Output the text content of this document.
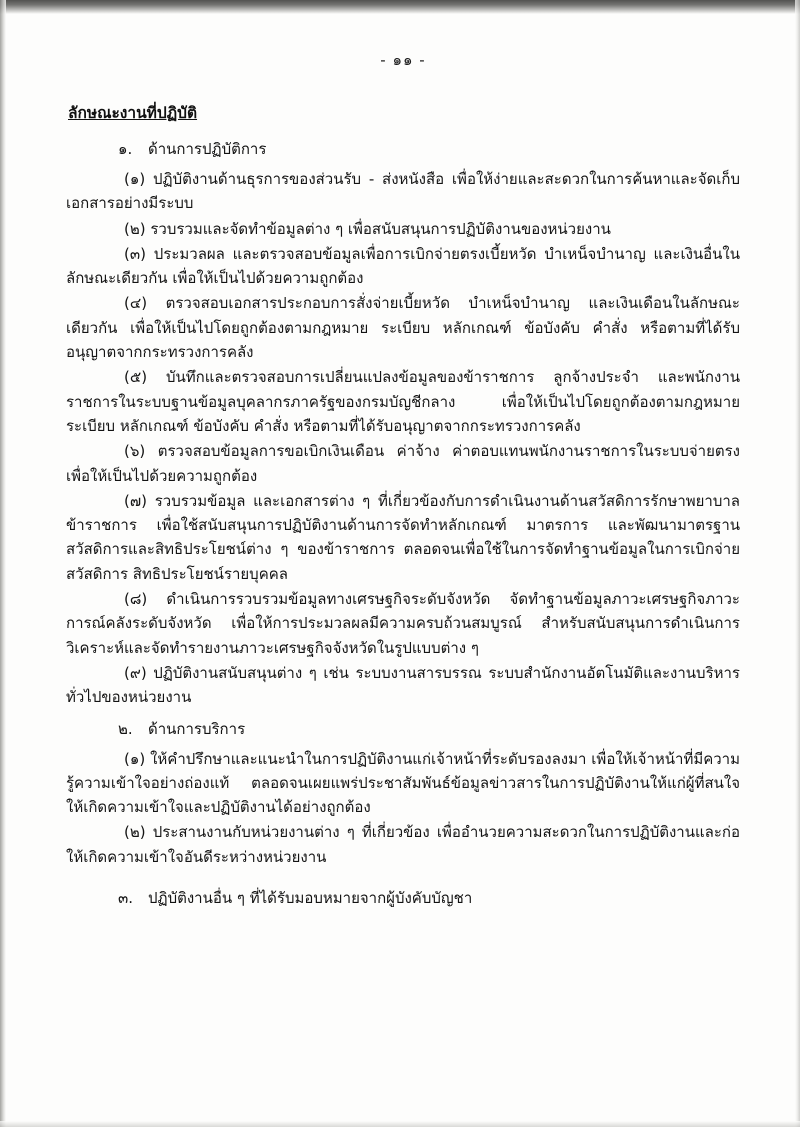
- ๑๑ -
ลักษณะงานที่ปฏิบัติ
๑.	ด้านการปฏิบัติการ

(๑) ปฏิบัติงานด้านธุรการของส่วนรับ - ส่งหนังสือ เพื่อให้ง่ายและสะดวกในการค้นหาและจัดเก็บเอกสารอย่างมีระบบ

(๒) รวบรวมและจัดทำข้อมูลต่าง ๆ เพื่อสนับสนุนการปฏิบัติงานของหน่วยงาน

(๓) ประมวลผล และตรวจสอบข้อมูลเพื่อการเบิกจ่ายตรงเบี้ยหวัด บำเหน็จบำนาญ และเงินอื่นในลักษณะเดียวกัน เพื่อให้เป็นไปด้วยความถูกต้อง

(๔) ตรวจสอบเอกสารประกอบการสั่งจ่ายเบี้ยหวัด บำเหน็จบำนาญ และเงินเดือนในลักษณะเดียวกัน เพื่อให้เป็นไปโดยถูกต้องตามกฎหมาย ระเบียบ หลักเกณฑ์ ข้อบังคับ คำสั่ง หรือตามที่ได้รับอนุญาตจากกระทรวงการคลัง

(๕) บันทึกและตรวจสอบการเปลี่ยนแปลงข้อมูลของข้าราชการ ลูกจ้างประจำ และพนักงานราชการในระบบฐานข้อมูลบุคลากรภาครัฐของกรมบัญชีกลาง เพื่อให้เป็นไปโดยถูกต้องตามกฎหมาย ระเบียบ หลักเกณฑ์ ข้อบังคับ คำสั่ง หรือตามที่ได้รับอนุญาตจากกระทรวงการคลัง

(๖) ตรวจสอบข้อมูลการขอเบิกเงินเดือน ค่าจ้าง ค่าตอบแทนพนักงานราชการในระบบจ่ายตรงเพื่อให้เป็นไปด้วยความถูกต้อง

(๗) รวบรวมข้อมูล และเอกสารต่าง ๆ ที่เกี่ยวข้องกับการดำเนินงานด้านสวัสดิการรักษาพยาบาลข้าราชการ เพื่อใช้สนับสนุนการปฏิบัติงานด้านการจัดทำหลักเกณฑ์ มาตรการ และพัฒนามาตรฐานสวัสดิการและสิทธิประโยชน์ต่าง ๆ ของข้าราชการ ตลอดจนเพื่อใช้ในการจัดทำฐานข้อมูลในการเบิกจ่ายสวัสดิการ สิทธิประโยชน์รายบุคคล

(๘) ดำเนินการรวบรวมข้อมูลทางเศรษฐกิจระดับจังหวัด จัดทำฐานข้อมูลภาวะเศรษฐกิจภาวะการณ์คลังระดับจังหวัด เพื่อให้การประมวลผลมีความครบถ้วนสมบูรณ์ สำหรับสนับสนุนการดำเนินการวิเคราะห์และจัดทำรายงานภาวะเศรษฐกิจจังหวัดในรูปแบบต่าง ๆ

(๙) ปฏิบัติงานสนับสนุนต่าง ๆ เช่น ระบบงานสารบรรณ ระบบสำนักงานอัตโนมัติและงานบริหารทั่วไปของหน่วยงาน

๒.	ด้านการบริการ

(๑) ให้คำปรึกษาและแนะนำในการปฏิบัติงานแก่เจ้าหน้าที่ระดับรองลงมา เพื่อให้เจ้าหน้าที่มีความรู้ความเข้าใจอย่างถ่องแท้ ตลอดจนเผยแพร่ประชาสัมพันธ์ข้อมูลข่าวสารในการปฏิบัติงานให้แก่ผู้ที่สนใจให้เกิดความเข้าใจและปฏิบัติงานได้อย่างถูกต้อง

(๒) ประสานงานกับหน่วยงานต่าง ๆ ที่เกี่ยวข้อง เพื่ออำนวยความสะดวกในการปฏิบัติงานและก่อให้เกิดความเข้าใจอันดีระหว่างหน่วยงาน

๓. ปฏิบัติงานอื่น ๆ ที่ได้รับมอบหมายจากผู้บังคับบัญชา
